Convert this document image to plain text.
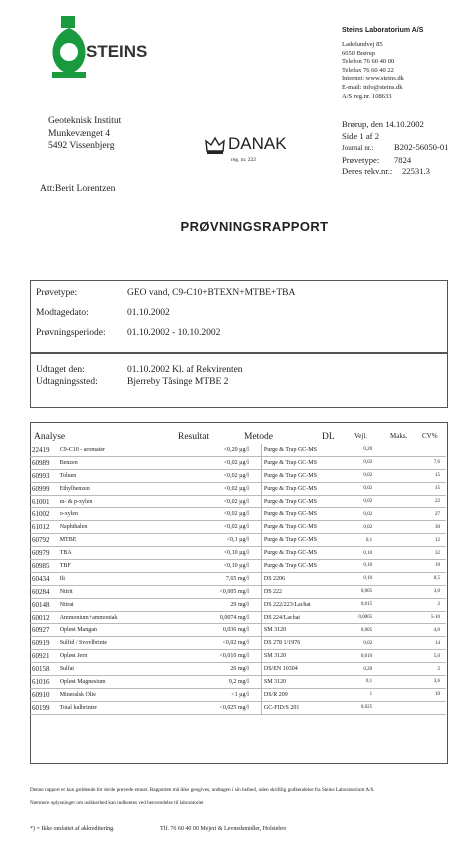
STEINS
Steins Laboratorium A/S
Ladelundvej 85
6650 Brørup
Telefon 76 60 40 00
Telefax 76 60 40 22
Internet: www.steins.dk
E-mail: info@steins.dk
A/S reg.nr. 108633
Brørup, den 14.10.2002
Side 1 af 2
Journal nr.: B202-56050-01
Prøvetype: 7824
Deres rekv.nr.: 22531.3
Geoteknisk Institut
Munkevænget 4
5492 Vissenbjerg
Att:Berit Lorentzen
DANAK
reg. nr. 222
PRØVNINGSRAPPORT
Prøvetype:	GEO vand, C9-C10+BTEXN+MTBE+TBA
Modtagedato:	01.10.2002
Prøvningsperiode: 01.10.2002 - 10.10.2002
Udtaget den:	01.10.2002 Kl. af Rekvirenten
Udtagningssted:	Bjerreby Tåsinge MTBE 2
Analyse	Resultat	Metode	DL	Vejl.	Maks. CV%
22419	C9-C10 - aromater		<0,20 µg/l	Purge & Trap GC-MS	0,20			
60989	Benzen		<0,02 µg/l	Purge & Trap GC-MS	0,02			7,6
60993	Toluen		<0,02 µg/l	Purge & Trap GC-MS	0,02			15
60999	Ethylbenzen		<0,02 µg/l	Purge & Trap GC-MS	0,02			15
61001	m- & p-xylen		<0,02 µg/l	Purge & Trap GC-MS	0,02			22
61002	o-xylen		<0,02 µg/l	Purge & Trap GC-MS	0,02			27
61012	Naphthalen		<0,02 µg/l	Purge & Trap GC-MS	0,02			30
60792	MTBE		<0,1 µg/l	Purge & Trap GC-MS	0,1			12
60979	TBA		<0,10 µg/l	Purge & Trap GC-MS	0,10			32
60985	TBF		<0,10 µg/l	Purge & Trap GC-MS	0,10			19
60434	Ilt		7,65 mg/l	DS 2206	0,10			0,5
60284	Nitrit		<0,005 mg/l	DS 222	0,005			3,0
60148	Nitrat		29 mg/l	DS 222/223/Lachat	0,015			2
60012	Ammonium+ammoniak		0,0074 mg/l	DS 224/Lachat	0,0065			5-10
60927	Opløst Mangan		0,036 mg/l	SM 3120	0,005			4,0
60919	Sulfid / Svovlbrinte		<0,02 mg/l	DS 278 1/1976	0,02			14
60921	Opløst Jern		<0,010 mg/l	SM 3120	0,010			5,0
60158	Sulfat		26 mg/l	DS/EN 10304	0,20			2
61016	Opløst Magnesium		9,2 mg/l	SM 3120	0,1			3,6
60910	Mineralsk Olie		<1 µg/l	DS/R 209	1			10
60199	Total kulbrinter		<0,025 mg/l	GC-FID/S 201	0,025			
Denne rapport er kun gældende for de/de prøvede emner. Rapporten må ikke gengives, undtagen i sin helhed, uden skriftlig godkendelse fra Steins Laboratorium A/S.
Nærmere oplysninger om usikkerhed kan indhentes ved henvendelse til laboratoriet
*) = Ikke omfattet af akkreditering.	Tlf. 76 60 40 00 Mejeri & Levnedsmidler, Holstebro
